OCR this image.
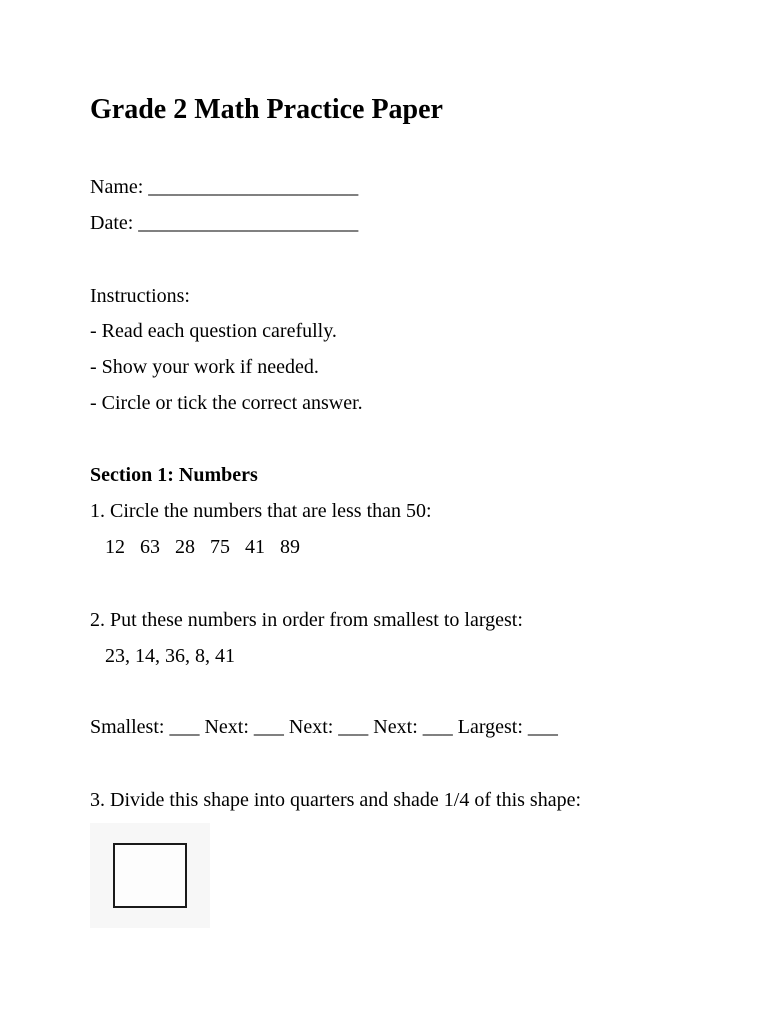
Grade 2 Math Practice Paper
Name: _____________________
Date: ______________________
Instructions:
- Read each question carefully.
- Show your work if needed.
- Circle or tick the correct answer.
Section 1: Numbers
1. Circle the numbers that are less than 50:
12   63   28   75   41   89
2. Put these numbers in order from smallest to largest:
23, 14, 36, 8, 41
Smallest: ___ Next: ___ Next: ___ Next: ___ Largest: ___
3. Divide this shape into quarters and shade 1/4 of this shape:
